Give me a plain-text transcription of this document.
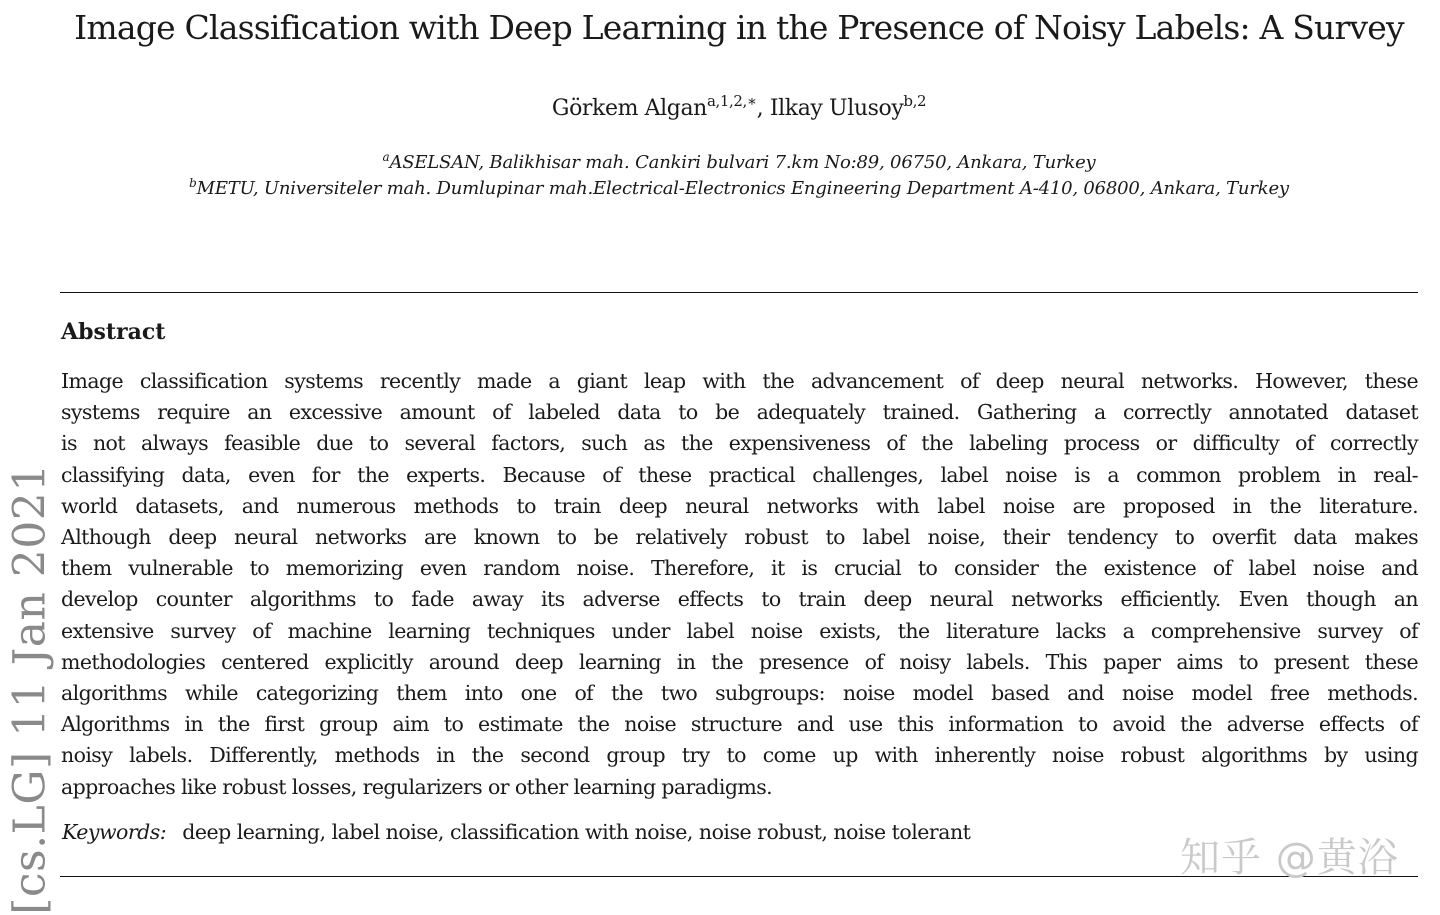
Image Classification with Deep Learning in the Presence of Noisy Labels: A Survey
Görkem Algan$^{a,1,2,∗}$, Ilkay Ulusoy$^{b,2}$
$^a$ASELSAN, Balikhisar mah. Cankiri bulvari 7.km No:89, 06750, Ankara, Turkey
$^b$METU, Universiteler mah. Dumlupinar mah.Electrical-Electronics Engineering Department A-410, 06800, Ankara, Turkey
Abstract
Image classification systems recently made a giant leap with the advancement of deep neural networks. However, these
systems require an excessive amount of labeled data to be adequately trained. Gathering a correctly annotated dataset
is not always feasible due to several factors, such as the expensiveness of the labeling process or difficulty of correctly
classifying data, even for the experts. Because of these practical challenges, label noise is a common problem in real-
world datasets, and numerous methods to train deep neural networks with label noise are proposed in the literature.
Although deep neural networks are known to be relatively robust to label noise, their tendency to overfit data makes
them vulnerable to memorizing even random noise. Therefore, it is crucial to consider the existence of label noise and
develop counter algorithms to fade away its adverse effects to train deep neural networks efficiently. Even though an
extensive survey of machine learning techniques under label noise exists, the literature lacks a comprehensive survey of
methodologies centered explicitly around deep learning in the presence of noisy labels. This paper aims to present these
algorithms while categorizing them into one of the two subgroups: noise model based and noise model free methods.
Algorithms in the first group aim to estimate the noise structure and use this information to avoid the adverse effects of
noisy labels. Differently, methods in the second group try to come up with inherently noise robust algorithms by using
approaches like robust losses, regularizers or other learning paradigms.
Keywords: deep learning, label noise, classification with noise, noise robust, noise tolerant
[cs.LG] 11 Jan 2021	知乎 @黄浴
